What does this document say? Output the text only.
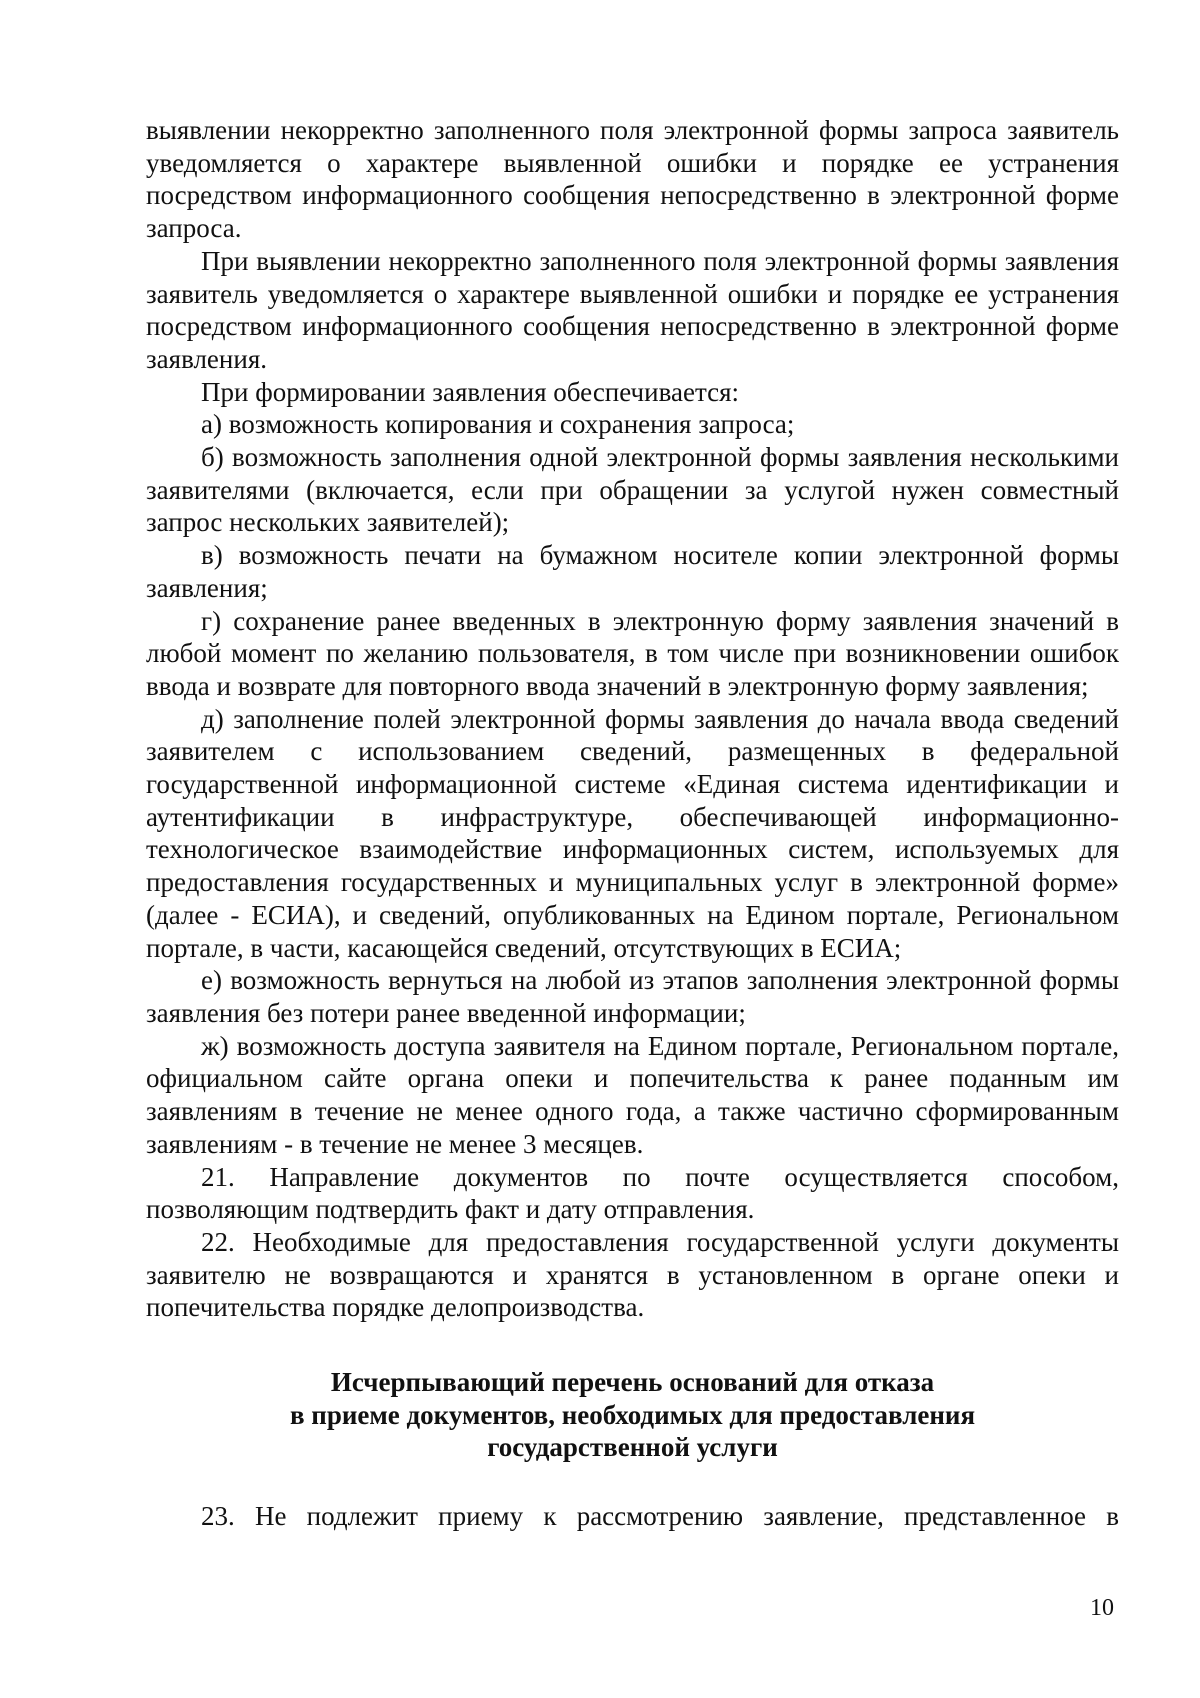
выявлении некорректно заполненного поля электронной формы запроса заявитель уведомляется о характере выявленной ошибки и порядке ее устранения посредством информационного сообщения непосредственно в электронной форме запроса.

При выявлении некорректно заполненного поля электронной формы заявления заявитель уведомляется о характере выявленной ошибки и порядке ее устранения посредством информационного сообщения непосредственно в электронной форме заявления.

При формировании заявления обеспечивается:

а) возможность копирования и сохранения запроса;

б) возможность заполнения одной электронной формы заявления несколькими заявителями (включается, если при обращении за услугой нужен совместный запрос нескольких заявителей);

в) возможность печати на бумажном носителе копии электронной формы заявления;

г) сохранение ранее введенных в электронную форму заявления значений в любой момент по желанию пользователя, в том числе при возникновении ошибок ввода и возврате для повторного ввода значений в электронную форму заявления;

д) заполнение полей электронной формы заявления до начала ввода сведений заявителем с использованием сведений, размещенных в федеральной государственной информационной системе «Единая система идентификации и аутентификации в инфраструктуре, обеспечивающей информационно-технологическое взаимодействие информационных систем, используемых для предоставления государственных и муниципальных услуг в электронной форме» (далее - ЕСИА), и сведений, опубликованных на Едином портале, Региональном портале, в части, касающейся сведений, отсутствующих в ЕСИА;

е) возможность вернуться на любой из этапов заполнения электронной формы заявления без потери ранее введенной информации;

ж) возможность доступа заявителя на Едином портале, Региональном портале, официальном сайте органа опеки и попечительства к ранее поданным им заявлениям в течение не менее одного года, а также частично сформированным заявлениям - в течение не менее 3 месяцев.

21. Направление документов по почте осуществляется способом, позволяющим подтвердить факт и дату отправления.

22. Необходимые для предоставления государственной услуги документы заявителю не возвращаются и хранятся в установленном в органе опеки и попечительства порядке делопроизводства.

Исчерпывающий перечень оснований для отказа
в приеме документов, необходимых для предоставления
государственной услуги

23. Не подлежит приему к рассмотрению заявление, представленное в

10
